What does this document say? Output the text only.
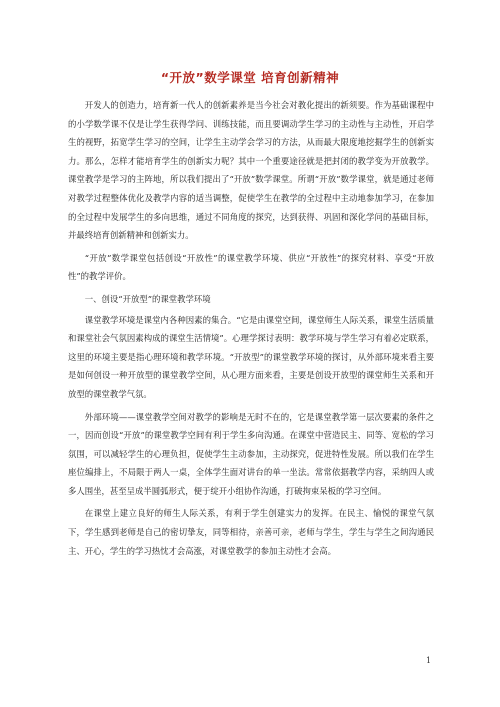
“开放”数学课堂 培育创新精神

开发人的创造力，培育新一代人的创新素养是当今社会对教化提出的新须要。作为基础课程中的小学数学课不仅是让学生获得学问、训练技能，而且要调动学生学习的主动性与主动性，开启学生的视野，拓宽学生学习的空间，让学生主动学会学习的方法，从而最大限度地挖掘学生的创新实力。那么，怎样才能培育学生的创新实力呢？其中一个重要途径就是把封闭的教学变为开放教学。课堂教学是学习的主阵地，所以我们提出了“开放”数学课堂。所谓“开放”数学课堂，就是通过老师对教学过程整体优化及教学内容的适当调整，促使学生在教学的全过程中主动地参加学习，在参加的全过程中发展学生的多向思维，通过不同角度的探究，达到获得、巩固和深化学问的基础目标，并最终培育创新精神和创新实力。

“开放”数学课堂包括创设“开放性”的课堂教学环境、供应“开放性”的探究材料、享受“开放性”的教学评价。

一、创设“开放型”的课堂教学环境

课堂教学环境是课堂内各种因素的集合。“它是由课堂空间，课堂师生人际关系，课堂生活质量和课堂社会气氛因素构成的课堂生活情境”。心理学探讨表明：教学环境与学生学习有着必定联系，这里的环境主要是指心理环境和教学环境。“开放型”的课堂教学环境的探讨，从外部环境来看主要是如何创设一种开放型的课堂教学空间，从心理方面来看，主要是创设开放型的课堂师生关系和开放型的课堂教学气氛。

外部环境——课堂教学空间对教学的影响是无时不在的，它是课堂教学第一层次要素的条件之一，因而创设“开放”的课堂教学空间有利于学生多向沟通。在课堂中营造民主、同等、宽松的学习氛围，可以减轻学生的心理负担，促使学生主动参加，主动探究，促进特性发展。所以我们在学生座位编排上，不局限于两人一桌，全体学生面对讲台的单一坐法。常常依据教学内容，采纳四人或多人围坐，甚至呈成半圆弧形式，便于绽开小组协作沟通，打破拘束呆板的学习空间。

在课堂上建立良好的师生人际关系，有利于学生创建实力的发挥。在民主、愉悦的课堂气氛下，学生感到老师是自己的密切挚友，同等相待，亲善可亲，老师与学生，学生与学生之间沟通民主、开心，学生的学习热忱才会高涨，对课堂教学的参加主动性才会高。

1
